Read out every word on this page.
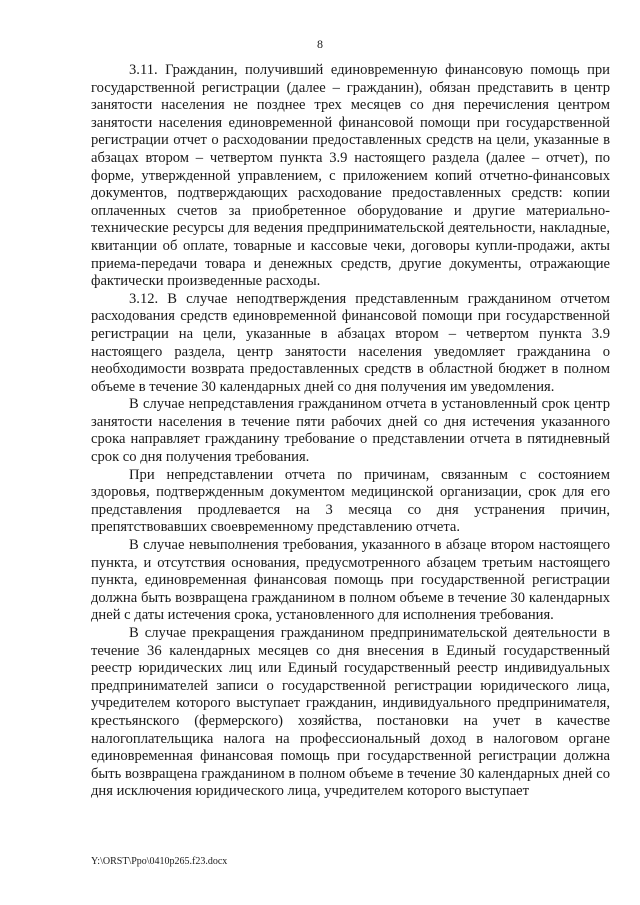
8

3.11. Гражданин, получивший единовременную финансовую помощь при государственной регистрации (далее – гражданин), обязан представить в центр занятости населения не позднее трех месяцев со дня перечисления центром занятости населения единовременной финансовой помощи при государственной регистрации отчет о расходовании предоставленных средств на цели, указанные в абзацах втором – четвертом пункта 3.9 настоящего раздела (далее – отчет), по форме, утвержденной управлением, с приложением копий отчетно-финансовых документов, подтверждающих расходование предоставленных средств: копии оплаченных счетов за приобретенное оборудование и другие материально-технические ресурсы для ведения предпринимательской деятельности, накладные, квитанции об оплате, товарные и кассовые чеки, договоры купли-продажи, акты приема-передачи товара и денежных средств, другие документы, отражающие фактически произведенные расходы.

3.12. В случае неподтверждения представленным гражданином отчетом расходования средств единовременной финансовой помощи при государственной регистрации на цели, указанные в абзацах втором – четвертом пункта 3.9 настоящего раздела, центр занятости населения уведомляет гражданина о необходимости возврата предоставленных средств в областной бюджет в полном объеме в течение 30 календарных дней со дня получения им уведомления.

В случае непредставления гражданином отчета в установленный срок центр занятости населения в течение пяти рабочих дней со дня истечения указанного срока направляет гражданину требование о представлении отчета в пятидневный срок со дня получения требования.

При непредставлении отчета по причинам, связанным с состоянием здоровья, подтвержденным документом медицинской организации, срок для его представления продлевается на 3 месяца со дня устранения причин, препятствовавших своевременному представлению отчета.

В случае невыполнения требования, указанного в абзаце втором настоящего пункта, и отсутствия основания, предусмотренного абзацем третьим настоящего пункта, единовременная финансовая помощь при государственной регистрации должна быть возвращена гражданином в полном объеме в течение 30 календарных дней с даты истечения срока, установленного для исполнения требования.

В случае прекращения гражданином предпринимательской деятельности в течение 36 календарных месяцев со дня внесения в Единый государственный реестр юридических лиц или Единый государственный реестр индивидуальных предпринимателей записи о государственной регистрации юридического лица, учредителем которого выступает гражданин, индивидуального предпринимателя, крестьянского (фермерского) хозяйства, постановки на учет в качестве налогоплательщика налога на профессиональный доход в налоговом органе единовременная финансовая помощь при государственной регистрации должна быть возвращена гражданином в полном объеме в течение 30 календарных дней со дня исключения юридического лица, учредителем которого выступает

Y:\ORST\Ppo\0410p265.f23.docx
